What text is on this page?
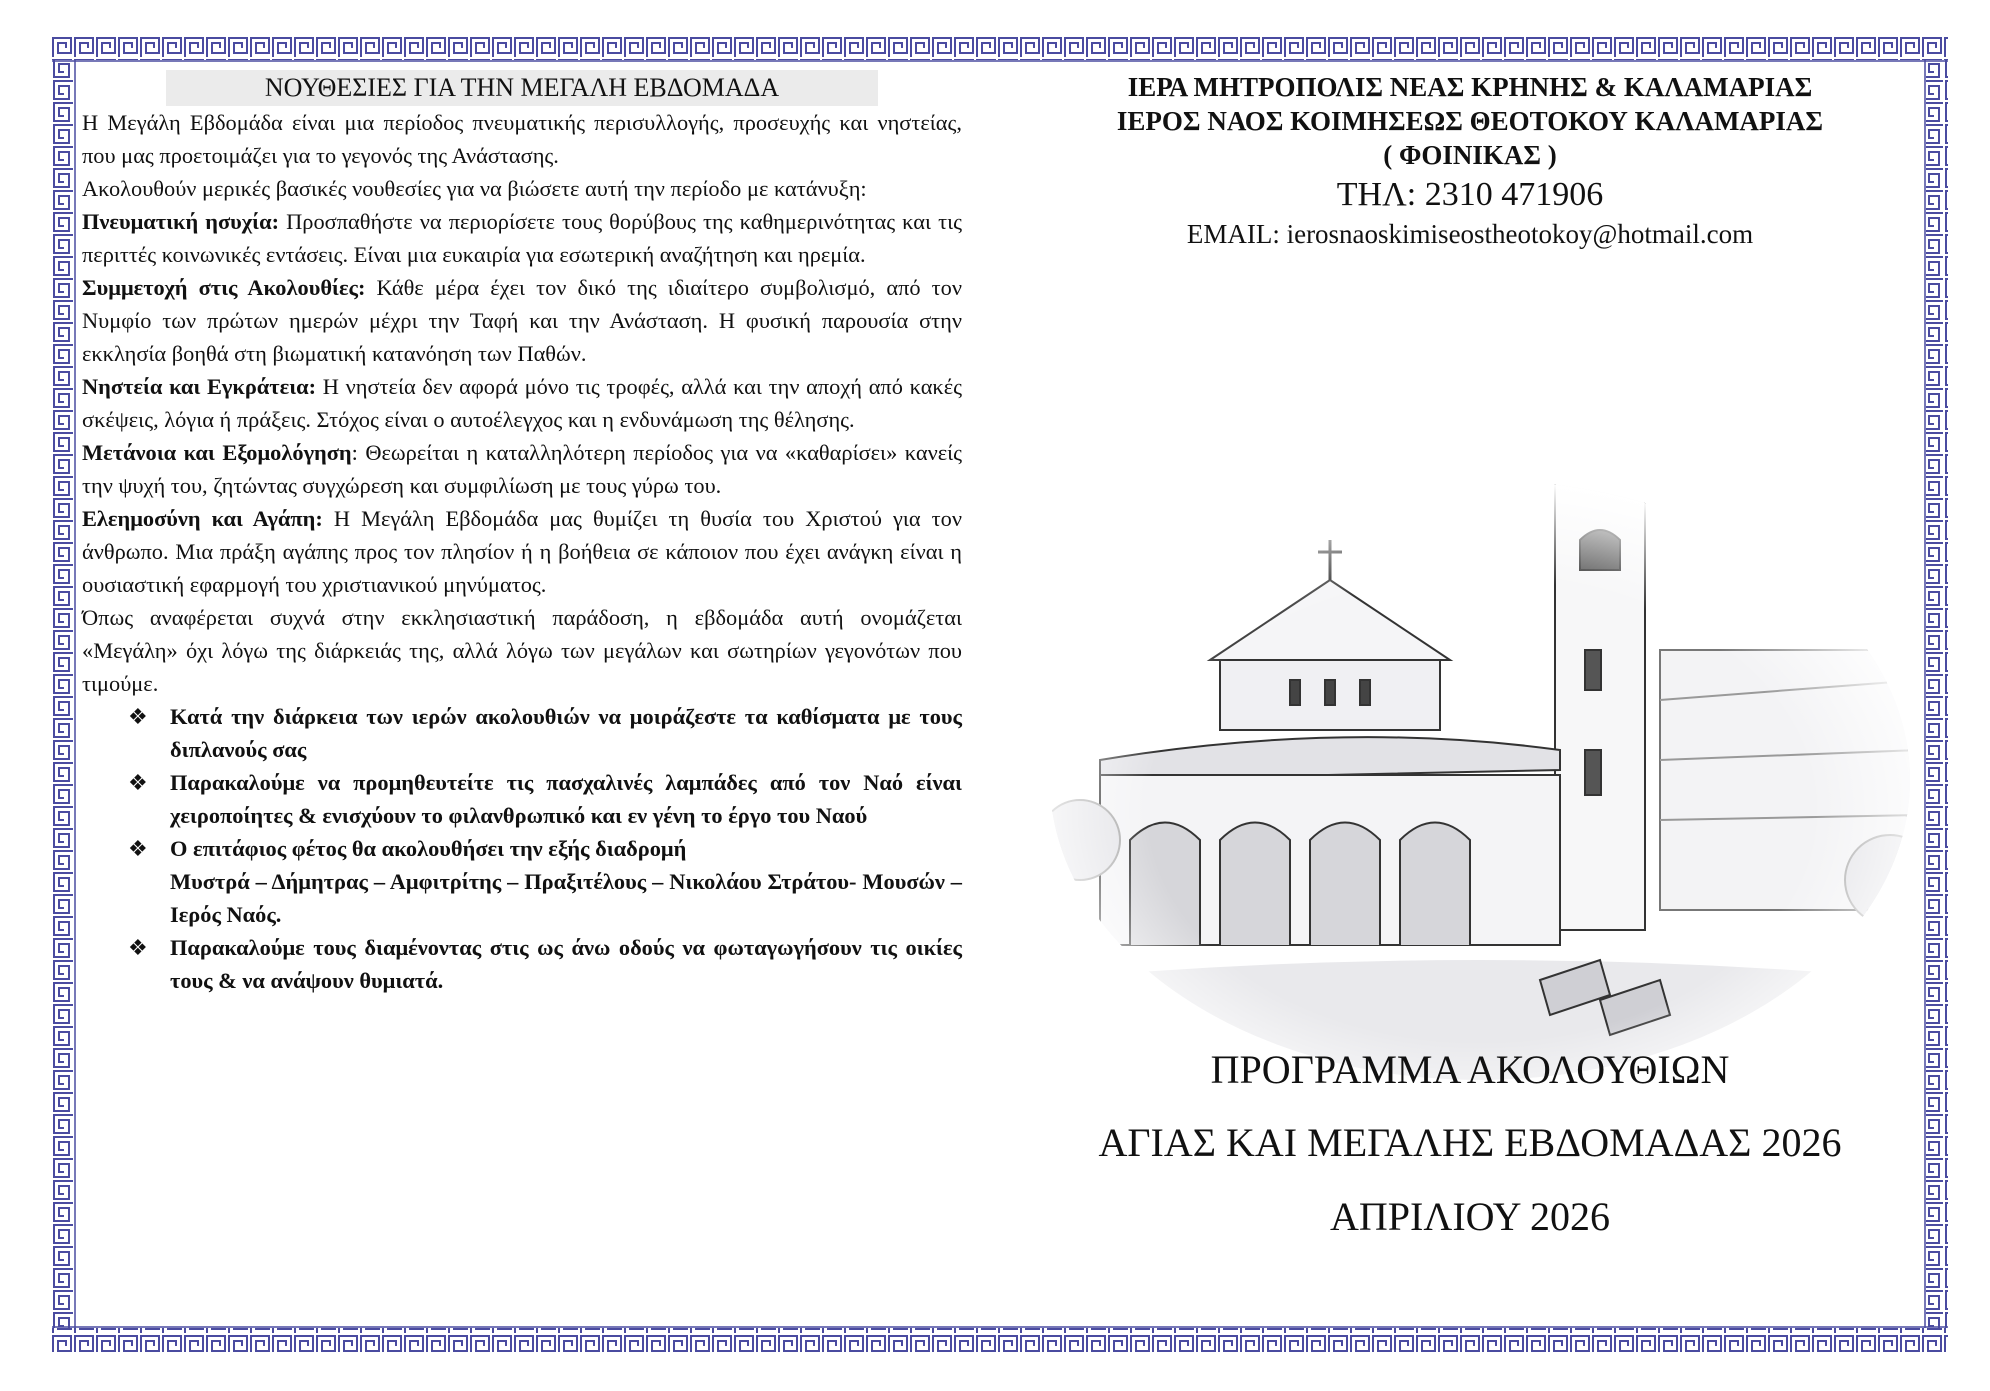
ΝΟΥΘΕΣΙΕΣ ΓΙΑ ΤΗΝ ΜΕΓΑΛΗ ΕΒΔΟΜΑΔΑ

Η Μεγάλη Εβδομάδα είναι μια περίοδος πνευματικής περισυλλογής, προσευχής και νηστείας, που μας προετοιμάζει για το γεγονός της Ανάστασης.

Ακολουθούν μερικές βασικές νουθεσίες για να βιώσετε αυτή την περίοδο με κατάνυξη:

Πνευματική ησυχία: Προσπαθήστε να περιορίσετε τους θορύβους της καθημερινότητας και τις περιττές κοινωνικές εντάσεις. Είναι μια ευκαιρία για εσωτερική αναζήτηση και ηρεμία.

Συμμετοχή στις Ακολουθίες: Κάθε μέρα έχει τον δικό της ιδιαίτερο συμβολισμό, από τον Νυμφίο των πρώτων ημερών μέχρι την Ταφή και την Ανάσταση. Η φυσική παρουσία στην εκκλησία βοηθά στη βιωματική κατανόηση των Παθών.

Νηστεία και Εγκράτεια: Η νηστεία δεν αφορά μόνο τις τροφές, αλλά και την αποχή από κακές σκέψεις, λόγια ή πράξεις. Στόχος είναι ο αυτοέλεγχος και η ενδυνάμωση της θέλησης.

Μετάνοια και Εξομολόγηση: Θεωρείται η καταλληλότερη περίοδος για να «καθαρίσει» κανείς την ψυχή του, ζητώντας συγχώρεση και συμφιλίωση με τους γύρω του.

Ελεημοσύνη και Αγάπη: Η Μεγάλη Εβδομάδα μας θυμίζει τη θυσία του Χριστού για τον άνθρωπο. Μια πράξη αγάπης προς τον πλησίον ή η βοήθεια σε κάποιον που έχει ανάγκη είναι η ουσιαστική εφαρμογή του χριστιανικού μηνύματος.

Όπως αναφέρεται συχνά στην εκκλησιαστική παράδοση, η εβδομάδα αυτή ονομάζεται «Μεγάλη» όχι λόγω της διάρκειάς της, αλλά λόγω των μεγάλων και σωτηρίων γεγονότων που τιμούμε.

❖ Κατά την διάρκεια των ιερών ακολουθιών να μοιράζεστε τα καθίσματα με τους διπλανούς σας
❖ Παρακαλούμε να προμηθευτείτε τις πασχαλινές λαμπάδες από τον Ναό είναι χειροποίητες & ενισχύουν το φιλανθρωπικό και εν γένη το έργο του Ναού
❖ Ο επιτάφιος φέτος θα ακολουθήσει την εξής διαδρομή
Μυστρά – Δήμητρας – Αμφιτρίτης – Πραξιτέλους – Νικολάου Στράτου- Μουσών – Ιερός Ναός.
❖ Παρακαλούμε τους διαμένοντας στις ως άνω οδούς να φωταγωγήσουν τις οικίες τους & να ανάψουν θυμιατά.

ΙΕΡΑ ΜΗΤΡΟΠΟΛΙΣ ΝΕΑΣ ΚΡΗΝΗΣ & ΚΑΛΑΜΑΡΙΑΣ

ΙΕΡΟΣ ΝΑΟΣ ΚΟΙΜΗΣΕΩΣ ΘΕΟΤΟΚΟΥ ΚΑΛΑΜΑΡΙΑΣ

( ΦΟΙΝΙΚΑΣ )

ΤΗΛ: 2310 471906

EMAIL: ierosnaoskimiseostheotokoy@hotmail.com

ΠΡΟΓΡΑΜΜΑ ΑΚΟΛΟΥΘΙΩΝ

ΑΓΙΑΣ ΚΑΙ ΜΕΓΑΛΗΣ ΕΒΔΟΜΑΔΑΣ 2026

ΑΠΡΙΛΙΟΥ 2026
